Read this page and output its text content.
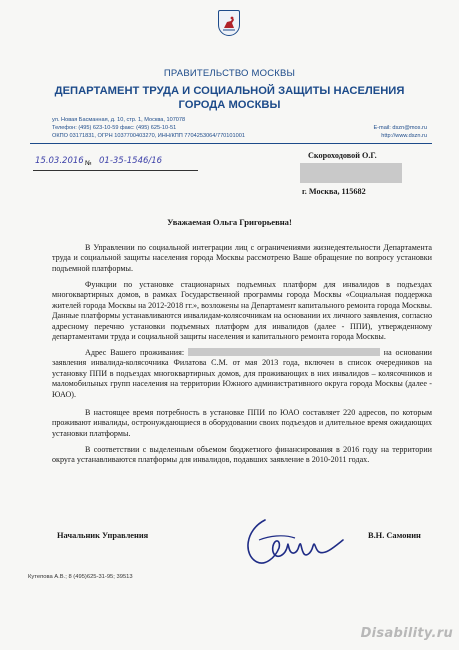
ПРАВИТЕЛЬСТВО МОСКВЫ
ДЕПАРТАМЕНТ ТРУДА И СОЦИАЛЬНОЙ ЗАЩИТЫ НАСЕЛЕНИЯ
ГОРОДА МОСКВЫ
ул. Новая Басманная, д. 10, стр. 1, Москва, 107078
Телефон: (495) 623-10-59 факс: (495) 625-10-51
ОКПО 03171831, ОГРН 1037700403270, ИНН/КПП 7704253064/770101001
E-mail: dszn@mos.ru
http://www.dszn.ru
15.03.2016 № 01-35-1546/16
Скороходовой О.Г.
г. Москва, 115682
Уважаемая Ольга Григорьевна!
В Управлении по социальной интеграции лиц с ограничениями жизнедеятельности Департамента труда и социальной защиты населения города Москвы рассмотрено Ваше обращение по вопросу установки подъемной платформы.
Функции по установке стационарных подъемных платформ для инвалидов в подъездах многоквартирных домов, в рамках Государственной программы города Москвы «Социальная поддержка жителей города Москвы на 2012-2018 гг.», возложены на Департамент капитального ремонта города Москвы. Данные платформы устанавливаются инвалидам-колясочникам на основании их личного заявления, согласно адресному перечню установки подъемных платформ для инвалидов (далее - ППИ), утвержденному департаментами труда и социальной защиты населения и капитального ремонта города Москвы.
Адрес Вашего проживания:	на основании заявления инвалида-колясочника Филатова С.М. от мая 2013 года, включен в список очередников на установку ППИ в подъездах многоквартирных домов, для проживающих в них инвалидов – колясочников и маломобильных групп населения на территории Южного административного округа города Москвы (далее - ЮАО).
В настоящее время потребность в установке ППИ по ЮАО составляет 220 адресов, по которым проживают инвалиды, остронуждающиеся в оборудовании своих подъездов и длительное время ожидающих установки платформы.
В соответствии с выделенным объемом бюджетного финансирования в 2016 году на территории округа устанавливаются платформы для инвалидов, подавших заявление в 2010-2011 годах.
Начальник Управления	В.Н. Самонин
Кутепова А.В.; 8 (495)625-31-95; 39513
Disability.ru
